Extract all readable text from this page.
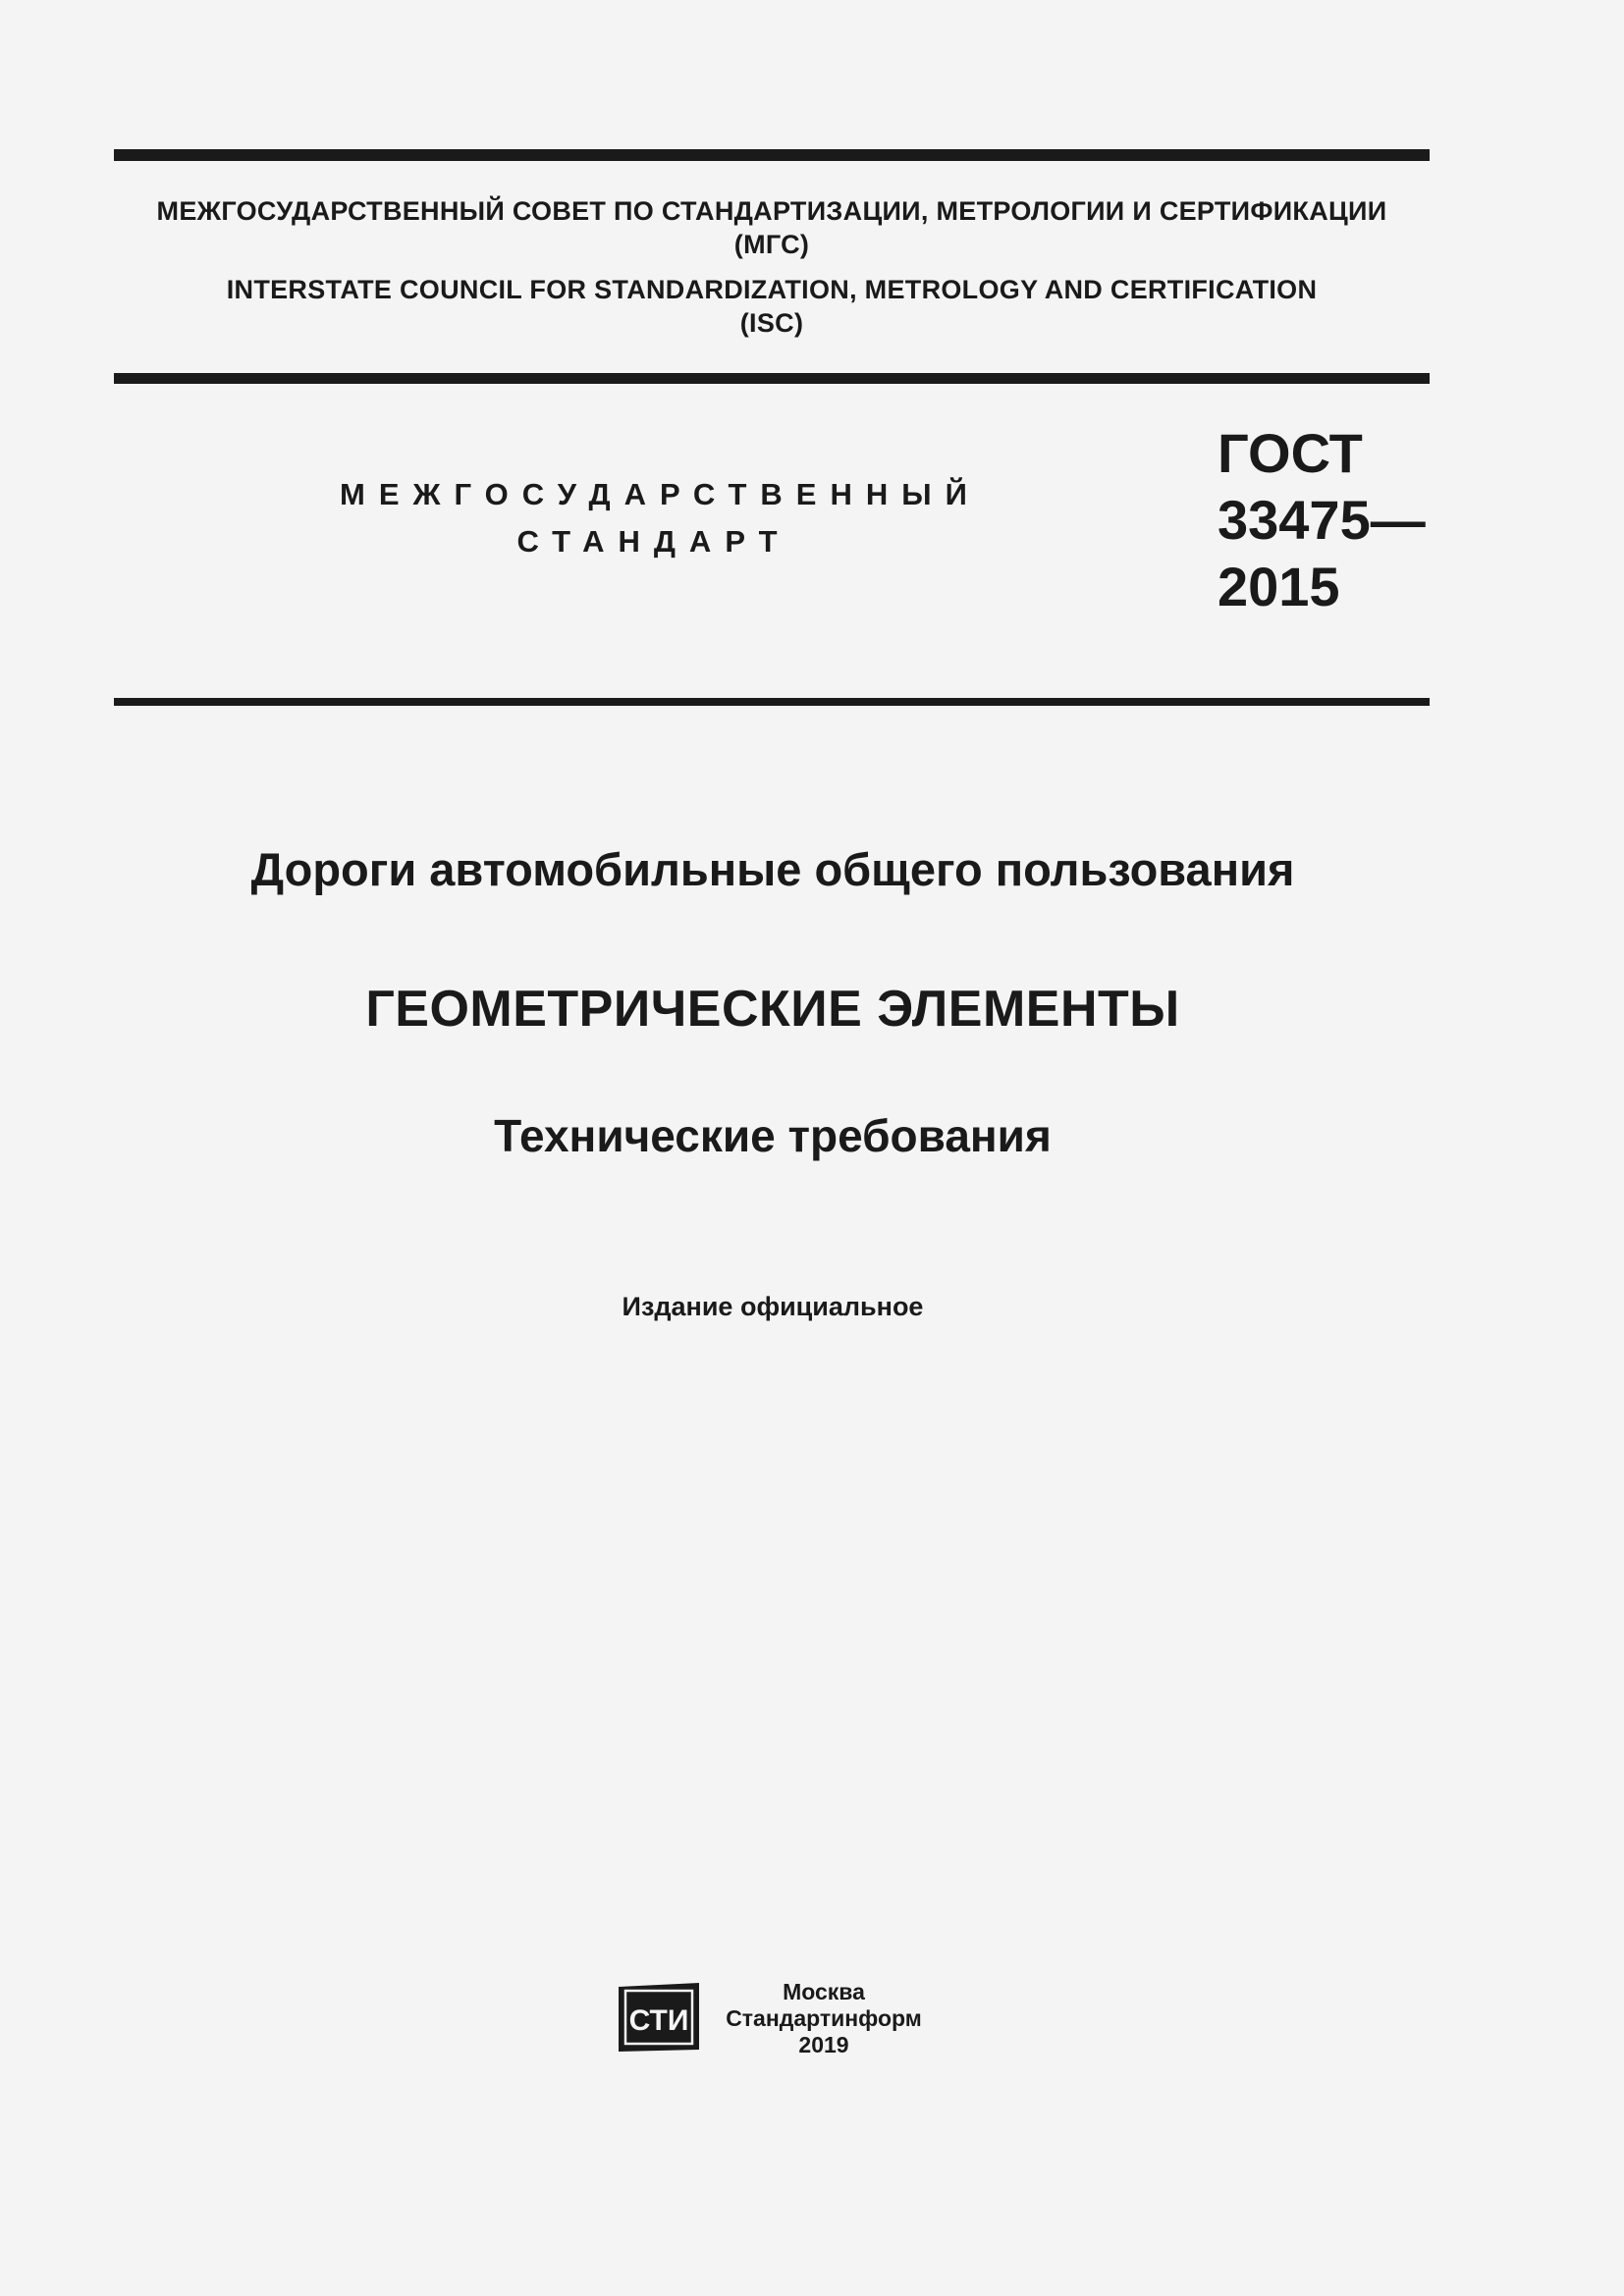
МЕЖГОСУДАРСТВЕННЫЙ СОВЕТ ПО СТАНДАРТИЗАЦИИ, МЕТРОЛОГИИ И СЕРТИФИКАЦИИ
(МГС)
INTERSTATE COUNCIL FOR STANDARDIZATION, METROLOGY AND CERTIFICATION
(ISC)
МЕЖГОСУДАРСТВЕННЫЙ
СТАНДАРТ
ГОСТ
33475—
2015
Дороги автомобильные общего пользования
ГЕОМЕТРИЧЕСКИЕ ЭЛЕМЕНТЫ
Технические требования
Издание официальное
СТИ
Москва
Стандартинформ
2019
